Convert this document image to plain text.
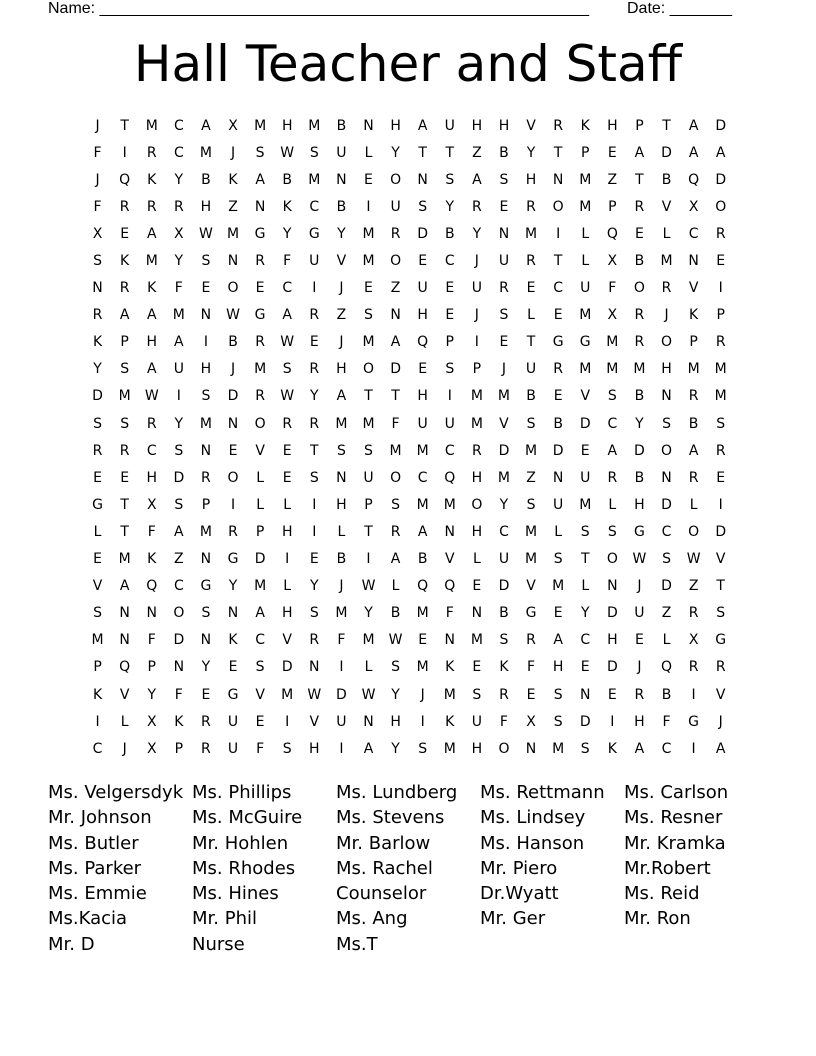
Name: _______________________________________________________ Date: _______
Hall Teacher and Staff
J	T	M	C	A	X	M	H	M	B	N	H	A	U	H	H	V	R	K	H	P	T	A	D
F	I	R	C	M	J	S	W	S	U	L	Y	T	T	Z	B	Y	T	P	E	A	D	A	A
J	Q	K	Y	B	K	A	B	M	N	E	O	N	S	A	S	H	N	M	Z	T	B	Q	D
F	R	R	R	H	Z	N	K	C	B	I	U	S	Y	R	E	R	O	M	P	R	V	X	O
X	E	A	X	W	M	G	Y	G	Y	M	R	D	B	Y	N	M	I	L	Q	E	L	C	R
S	K	M	Y	S	N	R	F	U	V	M	O	E	C	J	U	R	T	L	X	B	M	N	E
N	R	K	F	E	O	E	C	I	J	E	Z	U	E	U	R	E	C	U	F	O	R	V	I
R	A	A	M	N	W	G	A	R	Z	S	N	H	E	J	S	L	E	M	X	R	J	K	P
K	P	H	A	I	B	R	W	E	J	M	A	Q	P	I	E	T	G	G	M	R	O	P	R
Y	S	A	U	H	J	M	S	R	H	O	D	E	S	P	J	U	R	M	M	M	H	M	M
D	M	W	I	S	D	R	W	Y	A	T	T	H	I	M	M	B	E	V	S	B	N	R	M
S	S	R	Y	M	N	O	R	R	M	M	F	U	U	M	V	S	B	D	C	Y	S	B	S
R	R	C	S	N	E	V	E	T	S	S	M	M	C	R	D	M	D	E	A	D	O	A	R
E	E	H	D	R	O	L	E	S	N	U	O	C	Q	H	M	Z	N	U	R	B	N	R	E
G	T	X	S	P	I	L	L	I	H	P	S	M	M	O	Y	S	U	M	L	H	D	L	I
L	T	F	A	M	R	P	H	I	L	T	R	A	N	H	C	M	L	S	S	G	C	O	D
E	M	K	Z	N	G	D	I	E	B	I	A	B	V	L	U	M	S	T	O	W	S	W	V
V	A	Q	C	G	Y	M	L	Y	J	W	L	Q	Q	E	D	V	M	L	N	J	D	Z	T
S	N	N	O	S	N	A	H	S	M	Y	B	M	F	N	B	G	E	Y	D	U	Z	R	S
M	N	F	D	N	K	C	V	R	F	M	W	E	N	M	S	R	A	C	H	E	L	X	G
P	Q	P	N	Y	E	S	D	N	I	L	S	M	K	E	K	F	H	E	D	J	Q	R	R
K	V	Y	F	E	G	V	M	W	D	W	Y	J	M	S	R	E	S	N	E	R	B	I	V
I	L	X	K	R	U	E	I	V	U	N	H	I	K	U	F	X	S	D	I	H	F	G	J
C	J	X	P	R	U	F	S	H	I	A	Y	S	M	H	O	N	M	S	K	A	C	I	A
Ms. Velgersdyk Ms. Phillips	Ms. Lundberg	Ms. Rettmann	Ms. Carlson
Mr. Johnson	Ms. McGuire	Ms. Stevens	Ms. Lindsey	Ms. Resner
Ms. Butler	Mr. Hohlen	Mr. Barlow	Ms. Hanson	Mr. Kramka
Ms. Parker	Ms. Rhodes	Ms. Rachel	Mr. Piero	Mr.Robert
Ms. Emmie	Ms. Hines	Counselor	Dr.Wyatt	Ms. Reid
Ms.Kacia	Mr. Phil	Ms. Ang	Mr. Ger	Mr. Ron
Mr. D	Nurse	Ms.T
